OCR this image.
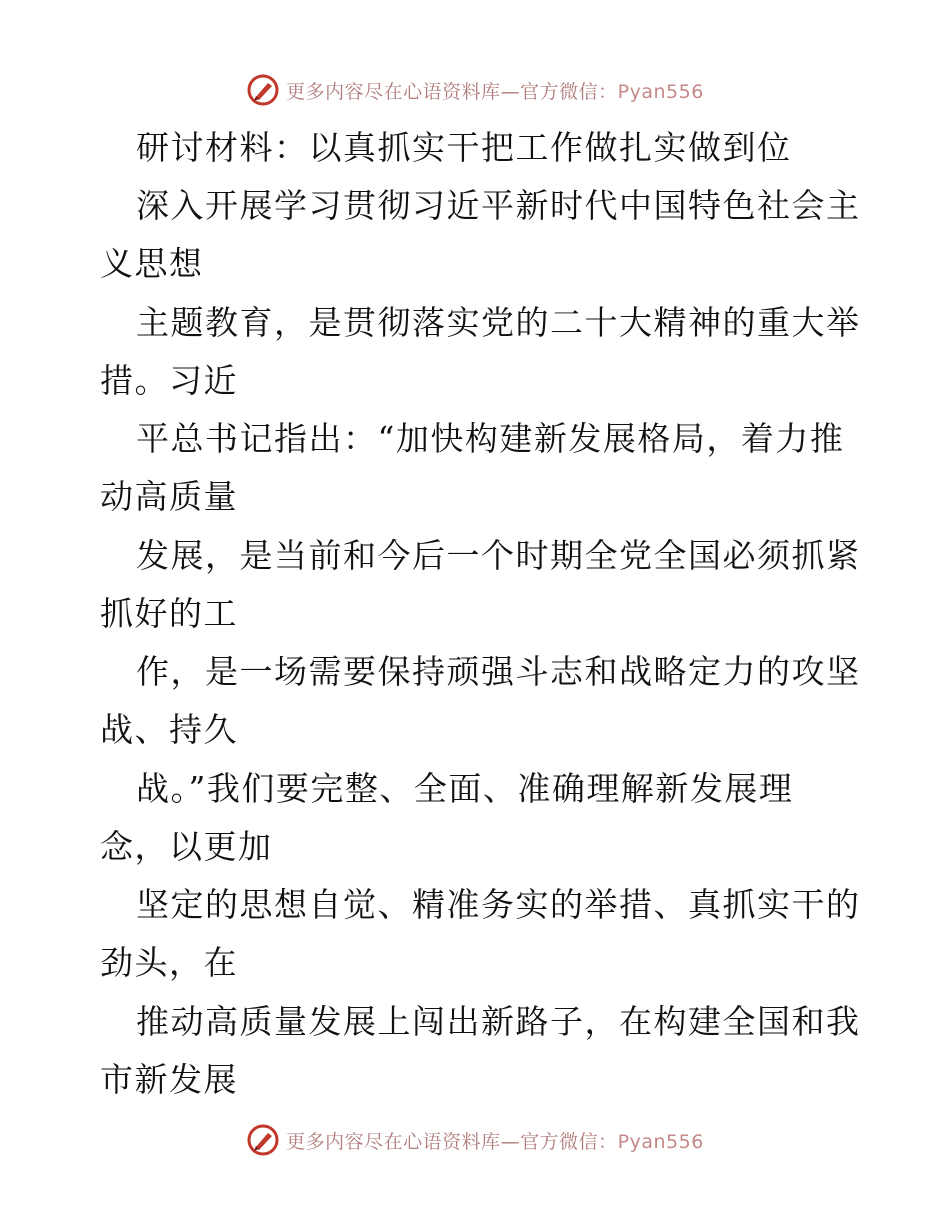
更多内容尽在心语资料库—官方微信：Pyan556
研讨材料：以真抓实干把工作做扎实做到位
深入开展学习贯彻习近平新时代中国特色社会主
义思想
主题教育，是贯彻落实党的二十大精神的重大举
措。习近
平总书记指出：“加快构建新发展格局，着力推
动高质量
发展，是当前和今后一个时期全党全国必须抓紧
抓好的工
作，是一场需要保持顽强斗志和战略定力的攻坚
战、持久
战。”我们要完整、全面、准确理解新发展理
念，以更加
坚定的思想自觉、精准务实的举措、真抓实干的
劲头，在
推动高质量发展上闯出新路子，在构建全国和我
市新发展
更多内容尽在心语资料库—官方微信：Pyan556
